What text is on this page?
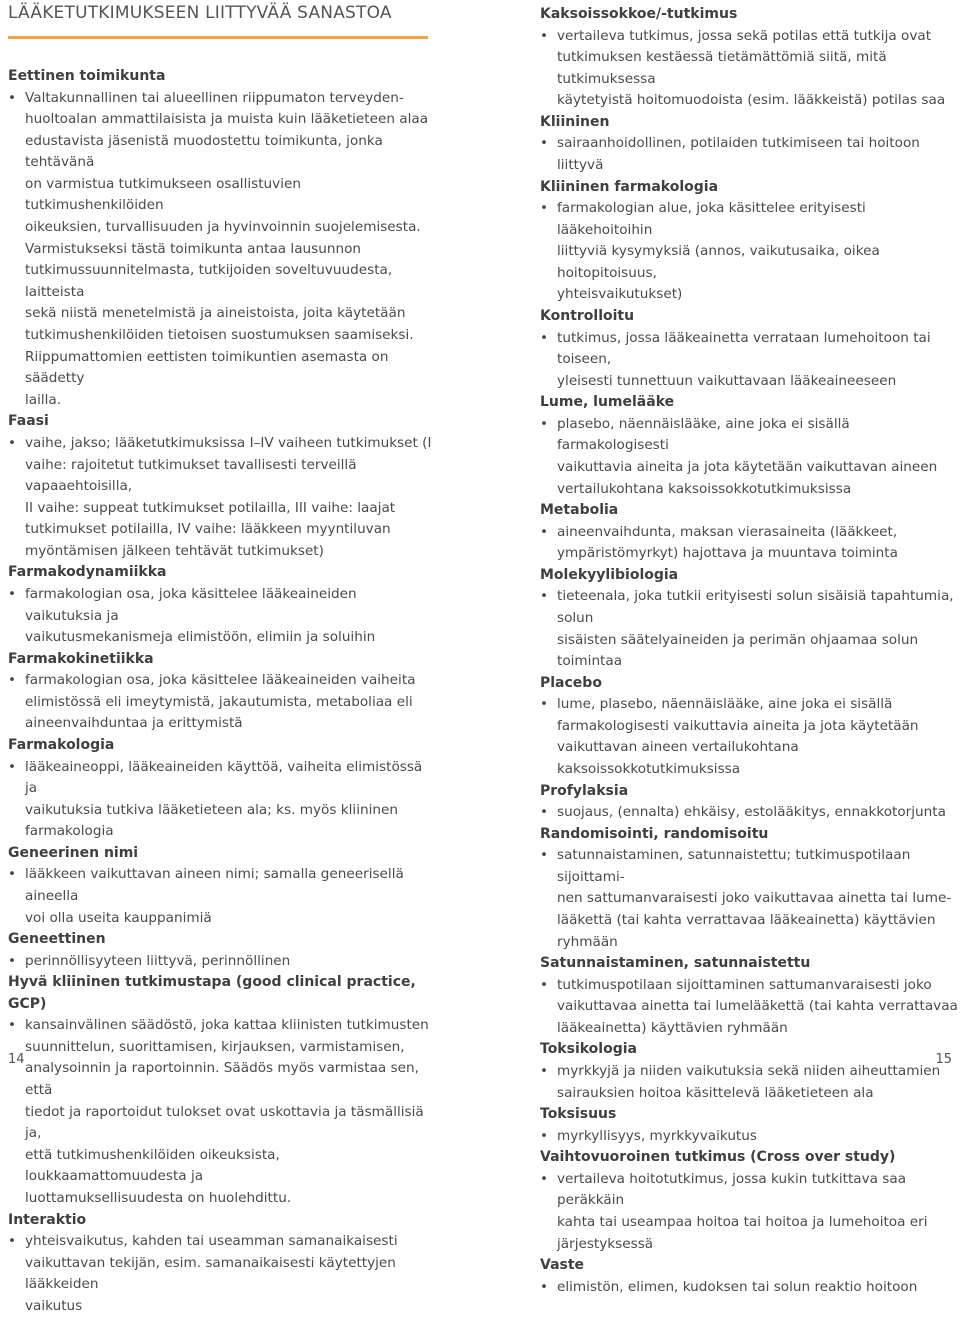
LÄÄKETUTKIMUKSEEN LIITTYVÄÄ SANASTOA
Eettinen toimikunta
• Valtakunnallinen tai alueellinen riippumaton terveyden-
huoltoalan ammattilaisista ja muista kuin lääketieteen alaa
edustavista jäsenistä muodostettu toimikunta, jonka tehtävänä
on varmistua tutkimukseen osallistuvien tutkimushenkilöiden
oikeuksien, turvallisuuden ja hyvinvoinnin suojelemisesta.
Varmistukseksi tästä toimikunta antaa lausunnon
tutkimussuunnitelmasta, tutkijoiden soveltuvuudesta, laitteista
sekä niistä menetelmistä ja aineistoista, joita käytetään
tutkimushenkilöiden tietoisen suostumuksen saamiseksi.
Riippumattomien eettisten toimikuntien asemasta on säädetty
lailla.
Faasi
• vaihe, jakso; lääketutkimuksissa I–IV vaiheen tutkimukset (I
vaihe: rajoitetut tutkimukset tavallisesti terveillä vapaaehtoisilla,
II vaihe: suppeat tutkimukset potilailla, III vaihe: laajat
tutkimukset potilailla, IV vaihe: lääkkeen myyntiluvan
myöntämisen jälkeen tehtävät tutkimukset)
Farmakodynamiikka
• farmakologian osa, joka käsittelee lääkeaineiden vaikutuksia ja
vaikutusmekanismeja elimistöön, elimiin ja soluihin
Farmakokinetiikka
• farmakologian osa, joka käsittelee lääkeaineiden vaiheita
elimistössä eli imeytymistä, jakautumista, metaboliaa eli
aineenvaihduntaa ja erittymistä
Farmakologia
• lääkeaineoppi, lääkeaineiden käyttöä, vaiheita elimistössä ja
vaikutuksia tutkiva lääketieteen ala; ks. myös kliininen
farmakologia
Geneerinen nimi
• lääkkeen vaikuttavan aineen nimi; samalla geneerisellä aineella
voi olla useita kauppanimiä
Geneettinen
• perinnöllisyyteen liittyvä, perinnöllinen
Hyvä kliininen tutkimustapa (good clinical practice, GCP)
• kansainvälinen säädöstö, joka kattaa kliinisten tutkimusten
suunnittelun, suorittamisen, kirjauksen, varmistamisen,
analysoinnin ja raportoinnin. Säädös myös varmistaa sen, että
tiedot ja raportoidut tulokset ovat uskottavia ja täsmällisiä ja,
että tutkimushenkilöiden oikeuksista, loukkaamattomuudesta ja
luottamuksellisuudesta on huolehdittu.
Interaktio
• yhteisvaikutus, kahden tai useamman samanaikaisesti
vaikuttavan tekijän, esim. samanaikaisesti käytettyjen lääkkeiden
vaikutus
Kaksoissokkoe/-tutkimus
• vertaileva tutkimus, jossa sekä potilas että tutkija ovat
tutkimuksen kestäessä tietämättömiä siitä, mitä tutkimuksessa
käytetyistä hoitomuodoista (esim. lääkkeistä) potilas saa
Kliininen
• sairaanhoidollinen, potilaiden tutkimiseen tai hoitoon liittyvä
Kliininen farmakologia
• farmakologian alue, joka käsittelee erityisesti lääkehoitoihin
liittyviä kysymyksiä (annos, vaikutusaika, oikea hoitopitoisuus,
yhteisvaikutukset)
Kontrolloitu
• tutkimus, jossa lääkeainetta verrataan lumehoitoon tai toiseen,
yleisesti tunnettuun vaikuttavaan lääkeaineeseen
Lume, lumelääke
• plasebo, näennäislääke, aine joka ei sisällä farmakologisesti
vaikuttavia aineita ja jota käytetään vaikuttavan aineen
vertailukohtana kaksoissokkotutkimuksissa
Metabolia
• aineenvaihdunta, maksan vierasaineita (lääkkeet,
ympäristömyrkyt) hajottava ja muuntava toiminta
Molekyylibiologia
• tieteenala, joka tutkii erityisesti solun sisäisiä tapahtumia, solun
sisäisten säätelyaineiden ja perimän ohjaamaa solun toimintaa
Placebo
• lume, plasebo, näennäislääke, aine joka ei sisällä
farmakologisesti vaikuttavia aineita ja jota käytetään
vaikuttavan aineen vertailukohtana kaksoissokkotutkimuksissa
Profylaksia
• suojaus, (ennalta) ehkäisy, estolääkitys, ennakkotorjunta
Randomisointi, randomisoitu
• satunnaistaminen, satunnaistettu; tutkimuspotilaan sijoittami-
nen sattumanvaraisesti joko vaikuttavaa ainetta tai lume-
lääkettä (tai kahta verrattavaa lääkeainetta) käyttävien ryhmään
Satunnaistaminen, satunnaistettu
• tutkimuspotilaan sijoittaminen sattumanvaraisesti joko
vaikuttavaa ainetta tai lumelääkettä (tai kahta verrattavaa
lääkeainetta) käyttävien ryhmään
Toksikologia
• myrkkyjä ja niiden vaikutuksia sekä niiden aiheuttamien
sairauksien hoitoa käsittelevä lääketieteen ala
Toksisuus
• myrkyllisyys, myrkkyvaikutus
Vaihtovuoroinen tutkimus (Cross over study)
• vertaileva hoitotutkimus, jossa kukin tutkittava saa peräkkäin
kahta tai useampaa hoitoa tai hoitoa ja lumehoitoa eri
järjestyksessä
Vaste
• elimistön, elimen, kudoksen tai solun reaktio hoitoon
14	15
